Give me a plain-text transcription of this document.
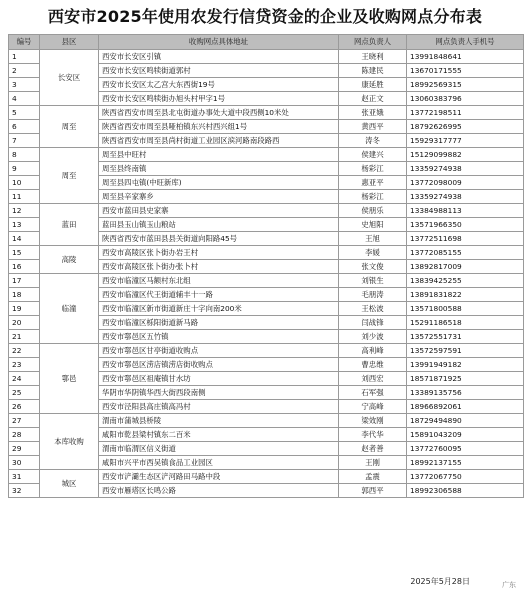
西安市2025年使用农发行信贷资金的企业及收购网点分布表
编号	县区	收购网点具体地址	网点负责人	网点负责人手机号
1	长安区	西安市长安区引镇	王晓利	13991848641
2		西安市长安区鸣犊街道郭村	陈建民	13670171555
3		西安市长安区太乙宫大东西街19号	康延胜	18992569315
4		西安市长安区鸣犊街办旭头村甲字1号	赵正文	13060383796
5	周至	陕西省西安市周至县北屯街道办事处大道中段西侧10米处	张亚娥	13772198511
6		陕西省西安市周至县哑柏镇东兴村西兴组1号	黄西平	18792626995
7		陕西省西安市周至县尚村街道工业园区滨河路南段路西	涛冬	15929317777
8	周至	周至县中旺村	侯建兴	15129099882
9		周至县终南镇	杨彩江	13359274938
10		周至县四屯镇(中旺新库)	惠亚平	13772098009
11		周至县辛家寨乡	杨彩江	13359274938
12	蓝田	西安市蓝田县史家寨	侯朋乐	13384988113
13		蓝田县玉山镇玉山粮站	史旭阳	13571966350
14		陕西省西安市蓝田县县关街道向阳路45号	王旭	13772511698
15	高陵	西安市高陵区张卜街办岩王村	李媛	13772085155
16		西安市高陵区张卜街办张卜村	张文俊	13892817009
17	临潼	西安市临潼区马额村东北组	刘银生	13839425255
18		西安市临潼区代王街道辅丰十一路	毛朋涛	13891831822
19		西安市临潼区新市街道新庄十字向南200米	王松波	13571800588
20		西安市临潼区栎阳街道新马路	闫战锋	15291186518
21		西安市鄠邑区五竹镇	刘少波	13572551731
22	鄠邑	西安市鄠邑区甘亭街道收购点	高利峰	13572597591
23		西安市鄠邑区涝店镇涝店街收购点	曹忠维	13991949182
24		西安市鄠邑区祖庵镇甘水坊	刘西宏	18571871925
25		华阴市华阴镇华西大街西段南侧	石军强	13389135756
26		西安市泾阳县高庄镇高冯村	宁高峰	18966892061
27	本库收购	渭南市蒲城县桥陵	梁效刚	18729494890
28		咸阳市乾县梁村镇东二百米	李代华	15891043209
29		渭南市临渭区信义街道	赵者善	13772760095
30		咸阳市兴平市西吴镇食品工业园区	王刚	18992137155
31	城区	西安市浐灞生态区浐河路田马路中段	孟震	13772067750
32		西安市雁塔区长鸣公路	郭西平	18992306588
2025年5月28日	广东
